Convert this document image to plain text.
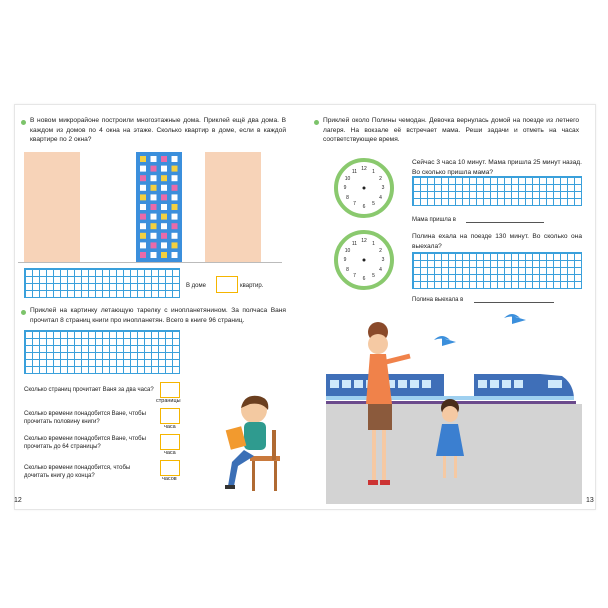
В новом микрорайоне построили многоэтажные дома. Приклей ещё два дома. В каждом из домов по 4 окна на этаже. Сколько квартир в доме, если в каждой квартире по 2 окна?
В доме	квартир.
Приклей на картинку летающую тарелку с инопланетянином. За полчаса Ваня прочитал 8 страниц книги про инопланетян. Всего в книге 96 страниц.
Сколько страниц прочитает Ваня за два часа?
страницы
Сколько времени понадобится Ване, чтобы прочитать половину книги?
часа
Сколько времени понадобится Ване, чтобы прочитать до 64 страницы?
часа
Сколько времени понадобится, чтобы дочитать книгу до конца?	часов
12
Приклей около Полины чемодан. Девочка вернулась домой на поезде из летнего лагеря. На вокзале её встречает мама. Реши задачи и отметь на часах соответствующее время.
12 1
2
3
4
5
6
7
8
9
10
11
12 1
2
3
4
5
6
7
8
9
10
11
Сейчас 3 часа 10 минут. Мама пришла 25 минут назад. Во сколько пришла мама?
Мама пришла в
Полина ехала на поезде 130 минут. Во сколько она выехала?
Полина выехала в
13
